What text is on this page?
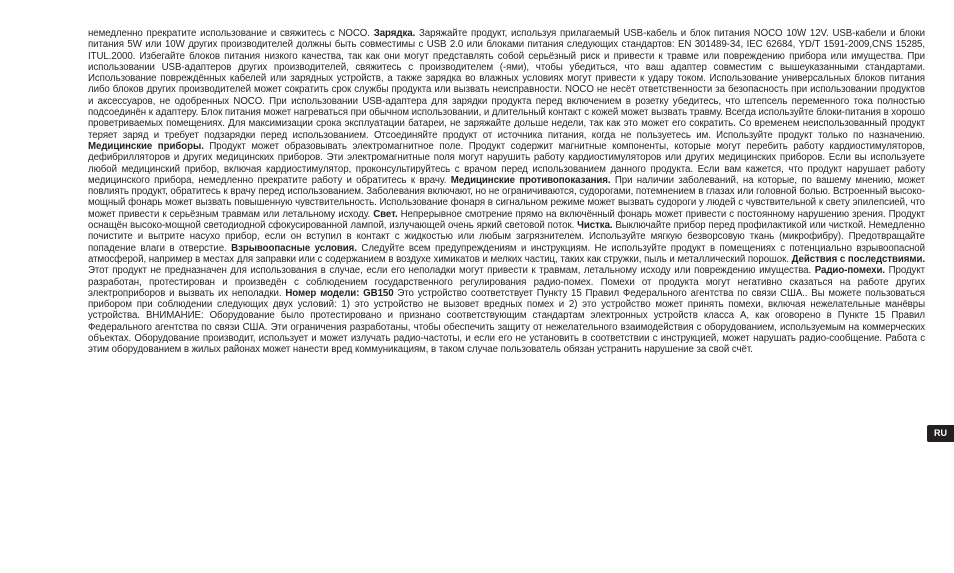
немедленно прекратите использование и свяжитесь с NOCO. Зарядка. Заряжайте продукт, используя прилагаемый USB-кабель и блок питания NOCO 10W 12V. USB-кабели и блоки питания 5W или 10W других производителей должны быть совместимы с USB 2.0 или блоками питания следующих стандартов: EN 301489-34, IEC 62684, YD/T 1591-2009,CNS 15285, ITUL.2000. Избегайте блоков питания низкого качества, так как они могут представлять собой серьёзный риск и привести к травме или повреждению прибора или имущества. При использовании USB-адаптеров других производителей, свяжитесь с производителем (-ями), чтобы убедиться, что ваш адаптер совместим с вышеуказанными стандартами. Использование повреждённых кабелей или зарядных устройств, а также зарядка во влажных условиях могут привести к удару током. Использование универсальных блоков питания либо блоков других производителей может сократить срок службы продукта или вызвать неисправности. NOCO не несёт ответственности за безопасность при использовании продуктов и аксессуаров, не одобренных NOCO. При использовании USB-адаптера для зарядки продукта перед включением в розетку убедитесь, что штепсель переменного тока полностью подсоединён к адаптеру. Блок питания может нагреваться при обычном использовании, и длительный контакт с кожей может вызвать травму. Всегда используйте блоки-питания в хорошо проветриваемых помещениях. Для максимизации срока эксплуатации батареи, не заряжайте дольше недели, так как это может его сократить. Со временем неиспользованный продукт теряет заряд и требует подзарядки перед использованием. Отсоединяйте продукт от источника питания, когда не пользуетесь им. Используйте продукт только по назначению. Медицинские приборы. Продукт может образовывать электромагнитное поле. Продукт содержит магнитные компоненты, которые могут перебить работу кардиостимуляторов, дефибрилляторов и других медицинских приборов. Эти электромагнитные поля могут нарушить работу кардиостимуляторов или других медицинских приборов. Если вы используете любой медицинский прибор, включая кардиостимулятор, проконсультируйтесь с врачом перед использованием данного продукта. Если вам кажется, что продукт нарушает работу медицинского прибора, немедленно прекратите работу и обратитесь к врачу. Медицинские противопоказания. При наличии заболеваний, на которые, по вашему мнению, может повлиять продукт, обратитесь к врачу перед использованием. Заболевания включают, но не ограничиваются, судорогами, потемнением в глазах или головной болью. Встроенный высоко-мощный фонарь может вызвать повышенную чувствительность. Использование фонаря в сигнальном режиме может вызвать судороги у людей с чувствительной к свету эпилепсией, что может привести к серьёзным травмам или летальному исходу. Свет. Непрерывное смотрение прямо на включённый фонарь может привести с постоянному нарушению зрения. Продукт оснащён высоко-мощной светодиодной сфокусированной лампой, излучающей очень яркий световой поток. Чистка. Выключайте прибор перед профилактикой или чисткой. Немедленно почистите и вытрите насухо прибор, если он вступил в контакт с жидкостью или любым загрязнителем. Используйте мягкую безворсовую ткань (микрофибру). Предотвращайте попадение влаги в отверстие. Взрывоопасные условия. Следуйте всем предупреждениям и инструкциям. Не используйте продукт в помещениях с потенциально взрывоопасной атмосферой, например в местах для заправки или с содержанием в воздухе химикатов и мелких частиц, таких как стружки, пыль и металлический порошок. Действия с последствиями. Этот продукт не предназначен для использования в случае, если его неполадки могут привести к травмам, летальному исходу или повреждению имущества. Радио-помехи. Продукт разработан, протестирован и произведён с соблюдением государственного регулирования радио-помех. Помехи от продукта могут негативно сказаться на работе других электроприборов и вызвать их неполадки. Номер модели: GB150 Это устройство соответствует Пункту 15 Правил Федерального агентства по связи США.. Вы можете пользоваться прибором при соблюдении следующих двух условий: 1) это устройство не вызовет вредных помех и 2) это устройство может принять помехи, включая нежелательные манёвры устройства. ВНИМАНИЕ: Оборудование было протестировано и признано соответствующим стандартам электронных устройств класса А, как оговорено в Пункте 15 Правил Федерального агентства по связи США. Эти ограничения разработаны, чтобы обеспечить защиту от нежелательного взаимодействия с оборудованием, используемым на коммерческих объектах. Оборудование производит, использует и может излучать радио-частоты, и если его не установить в соответствии с инструкцией, может нарушать радио-сообщение. Работа с этим оборудованием в жилых районах может нанести вред коммуникациям, в таком случае пользователь обязан устранить нарушение за свой счёт.

RU
